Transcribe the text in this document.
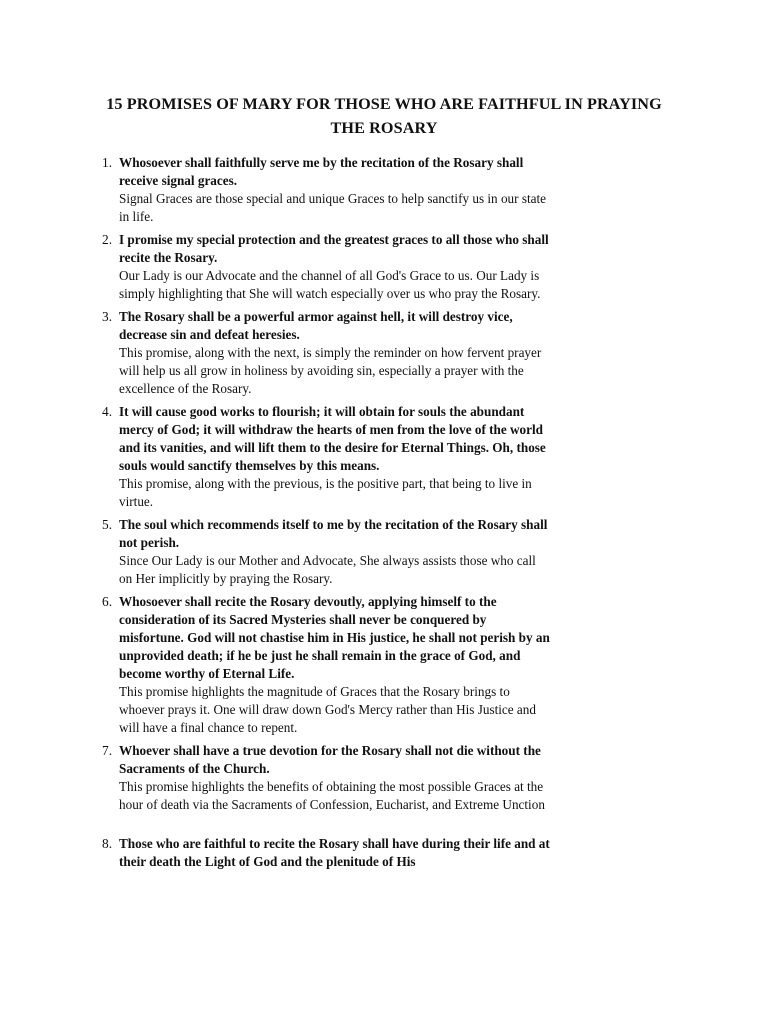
15 PROMISES OF MARY FOR THOSE WHO ARE FAITHFUL IN PRAYING THE ROSARY
1. Whosoever shall faithfully serve me by the recitation of the Rosary shall receive signal graces.

Signal Graces are those special and unique Graces to help sanctify us in our state in life.

2. I promise my special protection and the greatest graces to all those who shall recite the Rosary.

Our Lady is our Advocate and the channel of all God's Grace to us. Our Lady is simply highlighting that She will watch especially over us who pray the Rosary.

3. The Rosary shall be a powerful armor against hell, it will destroy vice, decrease sin and defeat heresies.

This promise, along with the next, is simply the reminder on how fervent prayer will help us all grow in holiness by avoiding sin, especially a prayer with the excellence of the Rosary.

4. It will cause good works to flourish; it will obtain for souls the abundant mercy of God; it will withdraw the hearts of men from the love of the world and its vanities, and will lift them to the desire for Eternal Things. Oh, those souls would sanctify themselves by this means.

This promise, along with the previous, is the positive part, that being to live in virtue.

5. The soul which recommends itself to me by the recitation of the Rosary shall not perish.

Since Our Lady is our Mother and Advocate, She always assists those who call on Her implicitly by praying the Rosary.

6. Whosoever shall recite the Rosary devoutly, applying himself to the consideration of its Sacred Mysteries shall never be conquered by misfortune. God will not chastise him in His justice, he shall not perish by an unprovided death; if he be just he shall remain in the grace of God, and become worthy of Eternal Life.

This promise highlights the magnitude of Graces that the Rosary brings to whoever prays it. One will draw down God's Mercy rather than His Justice and will have a final chance to repent.

7. Whoever shall have a true devotion for the Rosary shall not die without the Sacraments of the Church.

This promise highlights the benefits of obtaining the most possible Graces at the hour of death via the Sacraments of Confession, Eucharist, and Extreme Unction

8. Those who are faithful to recite the Rosary shall have during their life and at their death the Light of God and the plenitude of His
